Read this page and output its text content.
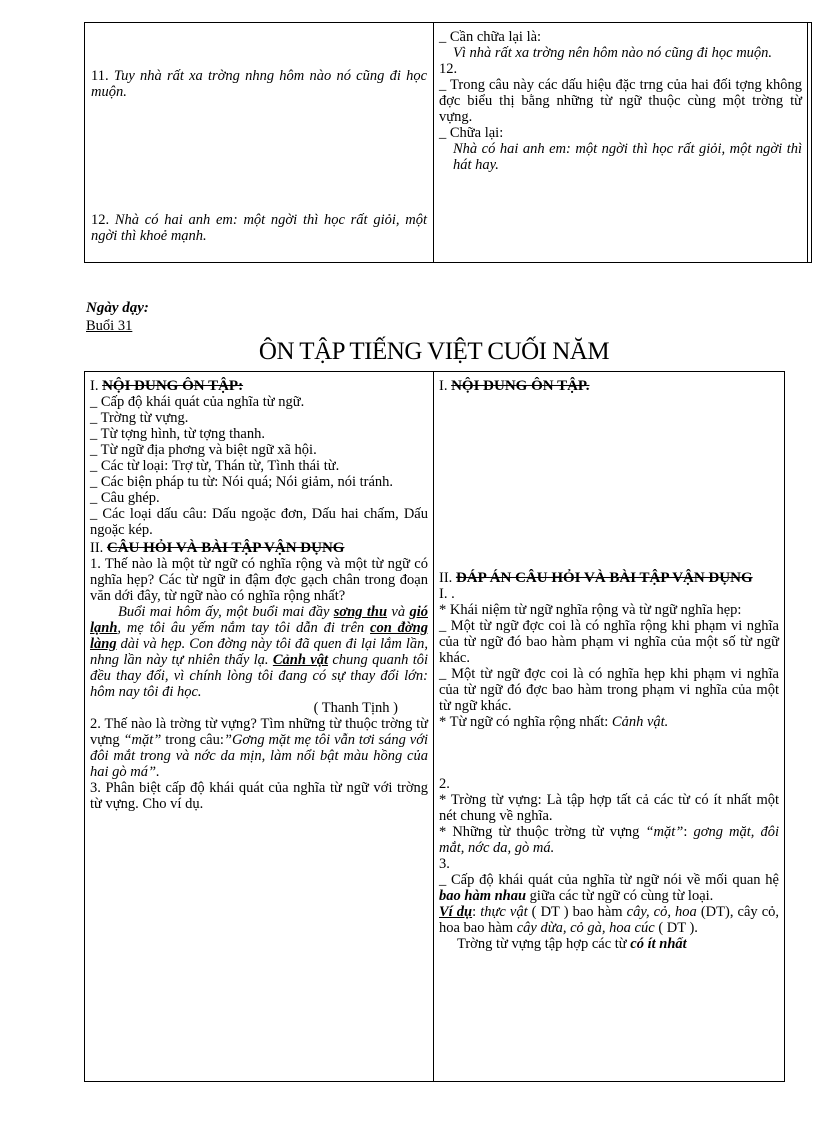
11. Tuy nhà rất xa trờng nhng hôm nào nó cũng đi học muộn.
12. Nhà có hai anh em: một ngời thì học rất giỏi, một ngời thì khoẻ mạnh.

_ Cần chữa lại là:

Vì nhà rất xa trờng nên hôm nào nó cũng đi học muộn.

12.

_ Trong câu này các dấu hiệu đặc trng của hai đối tợng không đợc biểu thị bằng những từ ngữ thuộc cùng một trờng từ vựng.

_ Chữa lại:

Nhà có hai anh em: một ngời thì học rất giỏi, một ngời thì hát hay.

Ngày dạy:
Buổi 31
ÔN TẬP TIẾNG VIỆT CUỐI NĂM
I. NỘI DUNG ÔN TẬP:

_ Cấp độ khái quát của nghĩa từ ngữ.

_ Trờng từ vựng.

_ Từ tợng hình, từ tợng thanh.

_ Từ ngữ địa phơng và biệt ngữ xã hội.

_ Các từ loại: Trợ từ, Thán từ, Tình thái từ.

_ Các biện pháp tu từ: Nói quá; Nói giảm, nói tránh.

_ Câu ghép.

_ Các loại dấu câu: Dấu ngoặc đơn, Dấu hai chấm, Dấu ngoặc kép.

II. CÂU HỎI VÀ BÀI TẬP VẬN DỤNG

1. Thế nào là một từ ngữ có nghĩa rộng và một từ ngữ có nghĩa hẹp? Các từ ngữ in đậm đợc gạch chân trong đoạn văn dới đây, từ ngữ nào có nghĩa rộng nhất?

Buổi mai hôm ấy, một buổi mai đầy sơng thu và gió lạnh, mẹ tôi âu yếm nắm tay tôi dẫn đi trên con đờng làng dài và hẹp. Con đờng này tôi đã quen đi lại lắm lần, nhng lần này tự nhiên thấy lạ. Cảnh vật chung quanh tôi đều thay đổi, vì chính lòng tôi đang có sự thay đổi lớn: hôm nay tôi đi học.

( Thanh Tịnh )

2. Thế nào là trờng từ vựng? Tìm những từ thuộc trờng từ vựng “mặt” trong câu:”Gơng mặt mẹ tôi vẫn tơi sáng với đôi mắt trong và nớc da mịn, làm nổi bật màu hồng của hai gò má”.

3. Phân biệt cấp độ khái quát của nghĩa từ ngữ với trờng từ vựng. Cho ví dụ.

I. NỘI DUNG ÔN TẬP.
II. ĐÁP ÁN CÂU HỎI VÀ BÀI TẬP VẬN DỤNG

I. .

* Khái niệm từ ngữ nghĩa rộng và từ ngữ nghĩa hẹp:

_ Một từ ngữ đợc coi là có nghĩa rộng khi phạm vi nghĩa của từ ngữ đó bao hàm phạm vi nghĩa của một số từ ngữ khác.

_ Một từ ngữ đợc coi là có nghĩa hẹp khi phạm vi nghĩa của từ ngữ đó đợc bao hàm trong phạm vi nghĩa của một từ ngữ khác.

* Từ ngữ có nghĩa rộng nhất: Cảnh vật.

2.

* Trờng từ vựng: Là tập hợp tất cả các từ có ít nhất một nét chung về nghĩa.

* Những từ thuộc trờng từ vựng “mặt”: gơng mặt, đôi mắt, nớc da, gò má.

3.

_ Cấp độ khái quát của nghĩa từ ngữ nói về mối quan hệ bao hàm nhau giữa các từ ngữ có cùng từ loại.

Ví dụ: thực vật ( DT ) bao hàm cây, cỏ, hoa (DT), cây cỏ, hoa bao hàm cây dừa, cỏ gà, hoa cúc ( DT ).

Trờng từ vựng tập hợp các từ có ít nhất
